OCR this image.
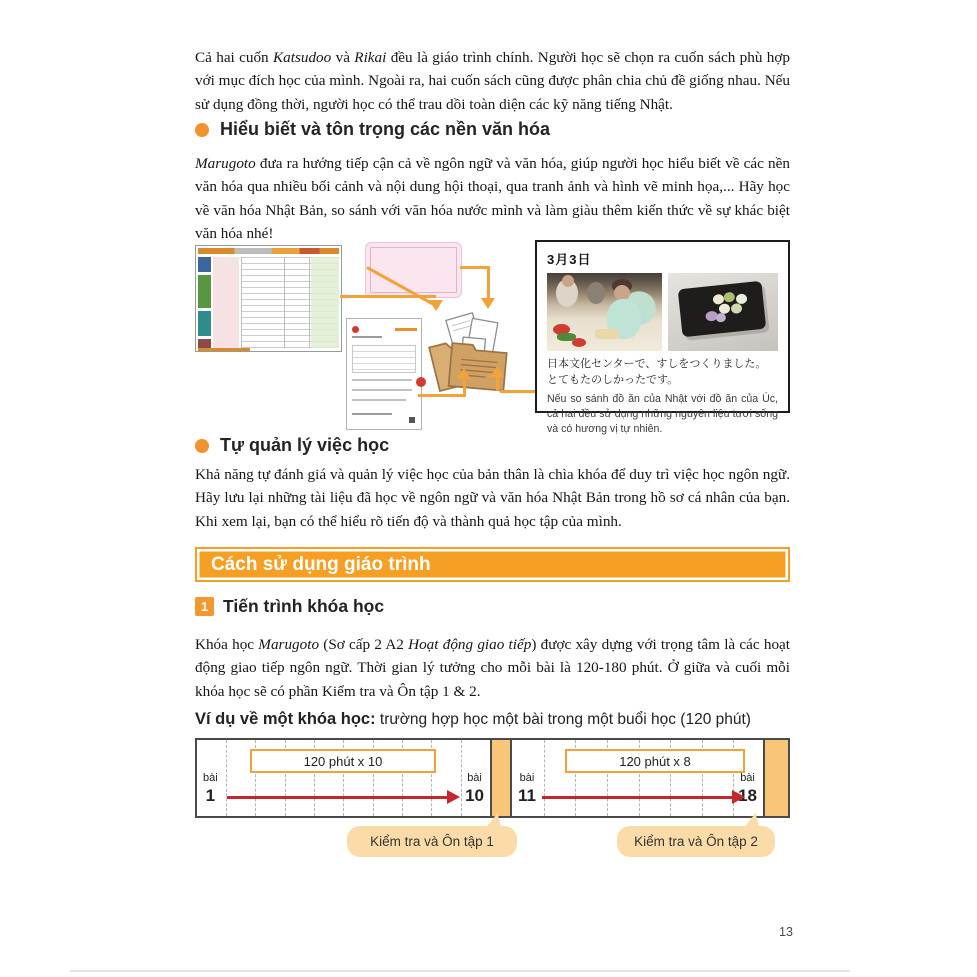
Cả hai cuốn Katsudoo và Rikai đều là giáo trình chính. Người học sẽ chọn ra cuốn sách phù hợp với mục đích học của mình. Ngoài ra, hai cuốn sách cũng được phân chia chủ đề giống nhau. Nếu sử dụng đồng thời, người học có thể trau dồi toàn diện các kỹ năng tiếng Nhật.

Hiểu biết và tôn trọng các nền văn hóa

Marugoto đưa ra hướng tiếp cận cả về ngôn ngữ và văn hóa, giúp người học hiểu biết về các nền văn hóa qua nhiều bối cảnh và nội dung hội thoại, qua tranh ảnh và hình vẽ minh họa,... Hãy học về văn hóa Nhật Bản, so sánh với văn hóa nước mình và làm giàu thêm kiến thức về sự khác biệt văn hóa nhé!

3月3日
日本文化センターで、すしをつくりました。
とてもたのしかったです。
Nếu so sánh đồ ăn của Nhật với đồ ăn của Úc, cả hai đều sử dụng những nguyên liệu tươi sống và có hương vị tự nhiên.
Tự quản lý việc học

Khả năng tự đánh giá và quản lý việc học của bản thân là chìa khóa để duy trì việc học ngôn ngữ. Hãy lưu lại những tài liệu đã học về ngôn ngữ và văn hóa Nhật Bản trong hồ sơ cá nhân của bạn. Khi xem lại, bạn có thể hiểu rõ tiến độ và thành quả học tập của mình.

Cách sử dụng giáo trình
1 Tiến trình khóa học

Khóa học Marugoto (Sơ cấp 2 A2 Hoạt động giao tiếp) được xây dựng với trọng tâm là các hoạt động giao tiếp ngôn ngữ. Thời gian lý tưởng cho mỗi bài là 120-180 phút. Ở giữa và cuối mỗi khóa học sẽ có phần Kiểm tra và Ôn tập 1 & 2.

Ví dụ về một khóa học: trường hợp học một bài trong một buổi học (120 phút)
120 phút x 10
bài
1
bài
10
120 phút x 8
bài
11
bài
18
Kiểm tra và Ôn tập 1	Kiểm tra và Ôn tập 2
13
